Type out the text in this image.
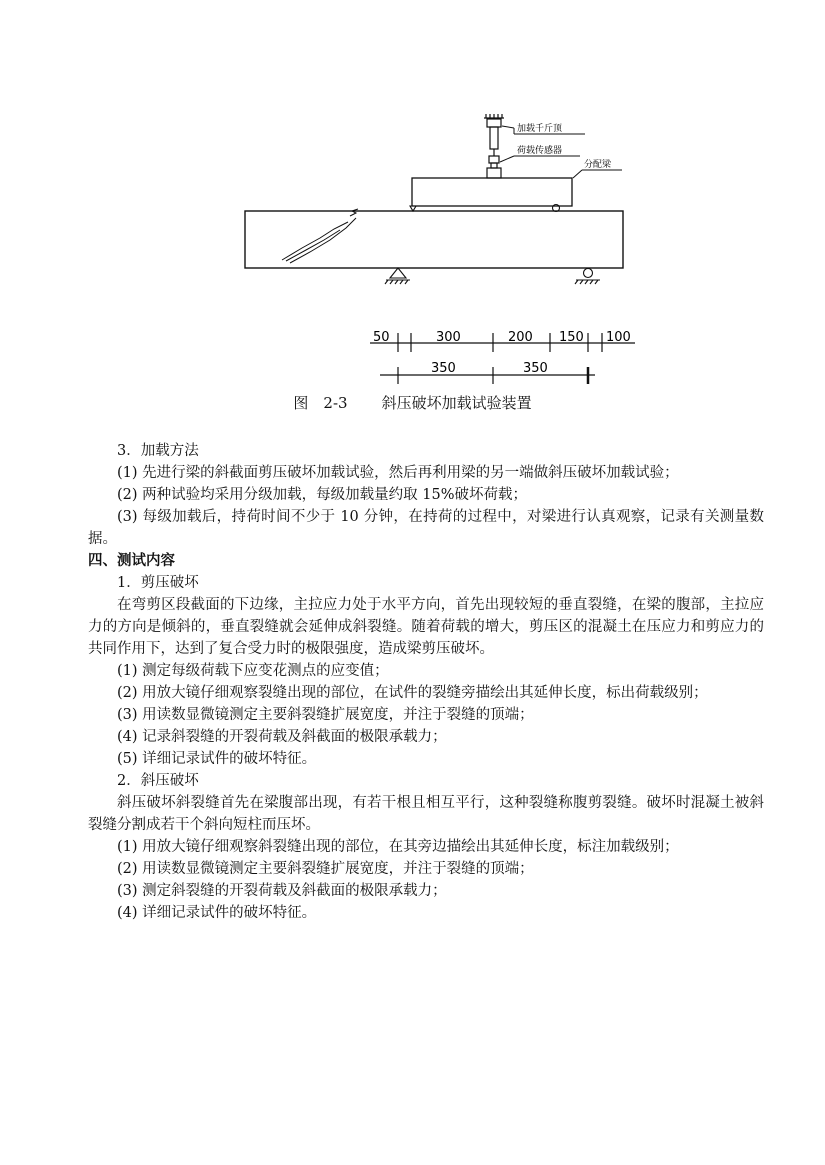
加载千斤顶
荷载传感器
分配梁
50	300	200 150 100
350	350
图　2-3 斜压破坏加载试验装置

3．加载方法

(1) 先进行梁的斜截面剪压破坏加载试验，然后再利用梁的另一端做斜压破坏加载试验；

(2) 两种试验均采用分级加载，每级加载量约取 15%破坏荷载；

(3) 每级加载后，持荷时间不少于 10 分钟，在持荷的过程中，对梁进行认真观察，记录有关测量数据。

四、测试内容

1．剪压破坏

在弯剪区段截面的下边缘，主拉应力处于水平方向，首先出现较短的垂直裂缝，在梁的腹部，主拉应力的方向是倾斜的，垂直裂缝就会延伸成斜裂缝。随着荷载的增大，剪压区的混凝土在压应力和剪应力的共同作用下，达到了复合受力时的极限强度，造成梁剪压破坏。

(1) 测定每级荷载下应变花测点的应变值；

(2) 用放大镜仔细观察裂缝出现的部位，在试件的裂缝旁描绘出其延伸长度，标出荷载级别；

(3) 用读数显微镜测定主要斜裂缝扩展宽度，并注于裂缝的顶端；

(4) 记录斜裂缝的开裂荷载及斜截面的极限承载力；

(5) 详细记录试件的破坏特征。

2．斜压破坏

斜压破坏斜裂缝首先在梁腹部出现，有若干根且相互平行，这种裂缝称腹剪裂缝。破坏时混凝土被斜裂缝分割成若干个斜向短柱而压坏。

(1) 用放大镜仔细观察斜裂缝出现的部位，在其旁边描绘出其延伸长度，标注加载级别；

(2) 用读数显微镜测定主要斜裂缝扩展宽度，并注于裂缝的顶端；

(3) 测定斜裂缝的开裂荷载及斜截面的极限承载力；

(4) 详细记录试件的破坏特征。
